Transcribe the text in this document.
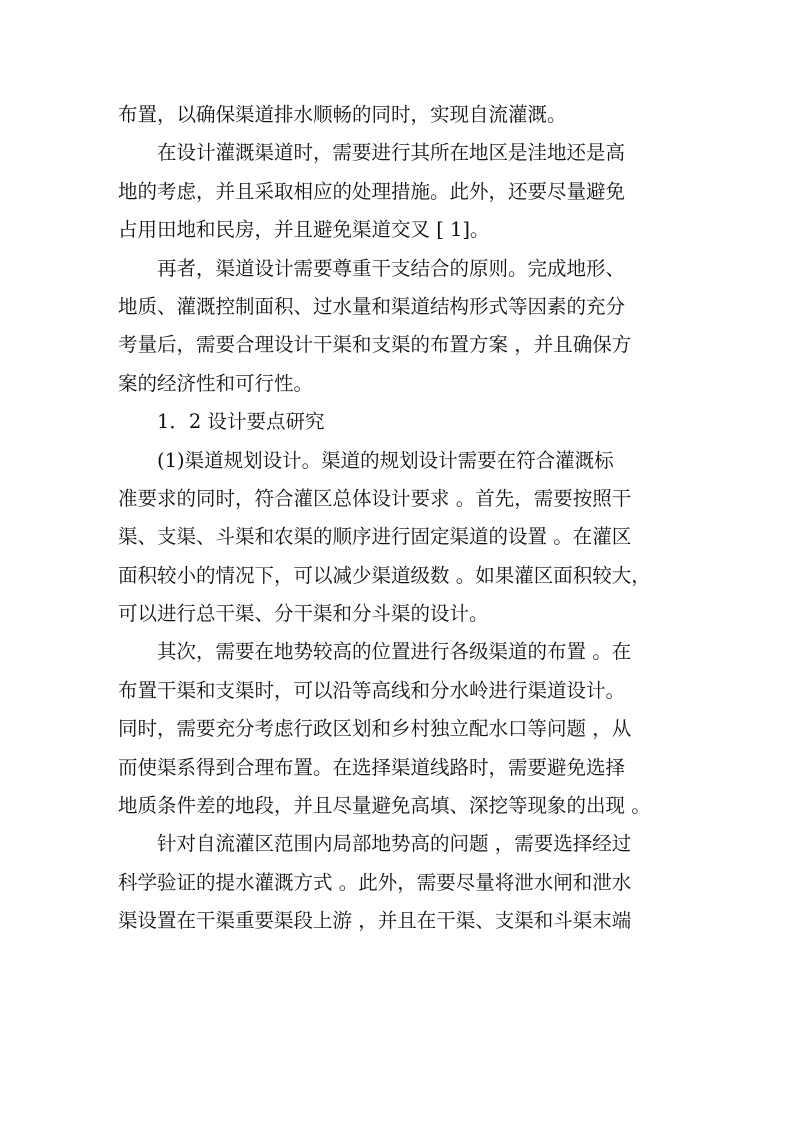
布置，以确保渠道排水顺畅的同时，实现自流灌溉。
在设计灌溉渠道时，需要进行其所在地区是洼地还是高
地的考虑，并且采取相应的处理措施。此外，还要尽量避免
占用田地和民房，并且避免渠道交叉 [ 1]。
再者，渠道设计需要尊重干支结合的原则。完成地形、
地质、灌溉控制面积、过水量和渠道结构形式等因素的充分
考量后，需要合理设计干渠和支渠的布置方案 ，并且确保方
案的经济性和可行性。
1．2 设计要点研究
(1)渠道规划设计。渠道的规划设计需要在符合灌溉标
准要求的同时，符合灌区总体设计要求 。首先，需要按照干
渠、支渠、斗渠和农渠的顺序进行固定渠道的设置 。在灌区
面积较小的情况下，可以减少渠道级数 。如果灌区面积较大，
可以进行总干渠、分干渠和分斗渠的设计。
其次，需要在地势较高的位置进行各级渠道的布置 。在
布置干渠和支渠时，可以沿等高线和分水岭进行渠道设计。
同时，需要充分考虑行政区划和乡村独立配水口等问题 ，从
而使渠系得到合理布置。在选择渠道线路时，需要避免选择
地质条件差的地段，并且尽量避免高填、深挖等现象的出现 。
针对自流灌区范围内局部地势高的问题 ，需要选择经过
科学验证的提水灌溉方式 。此外，需要尽量将泄水闸和泄水
渠设置在干渠重要渠段上游 ，并且在干渠、支渠和斗渠末端
